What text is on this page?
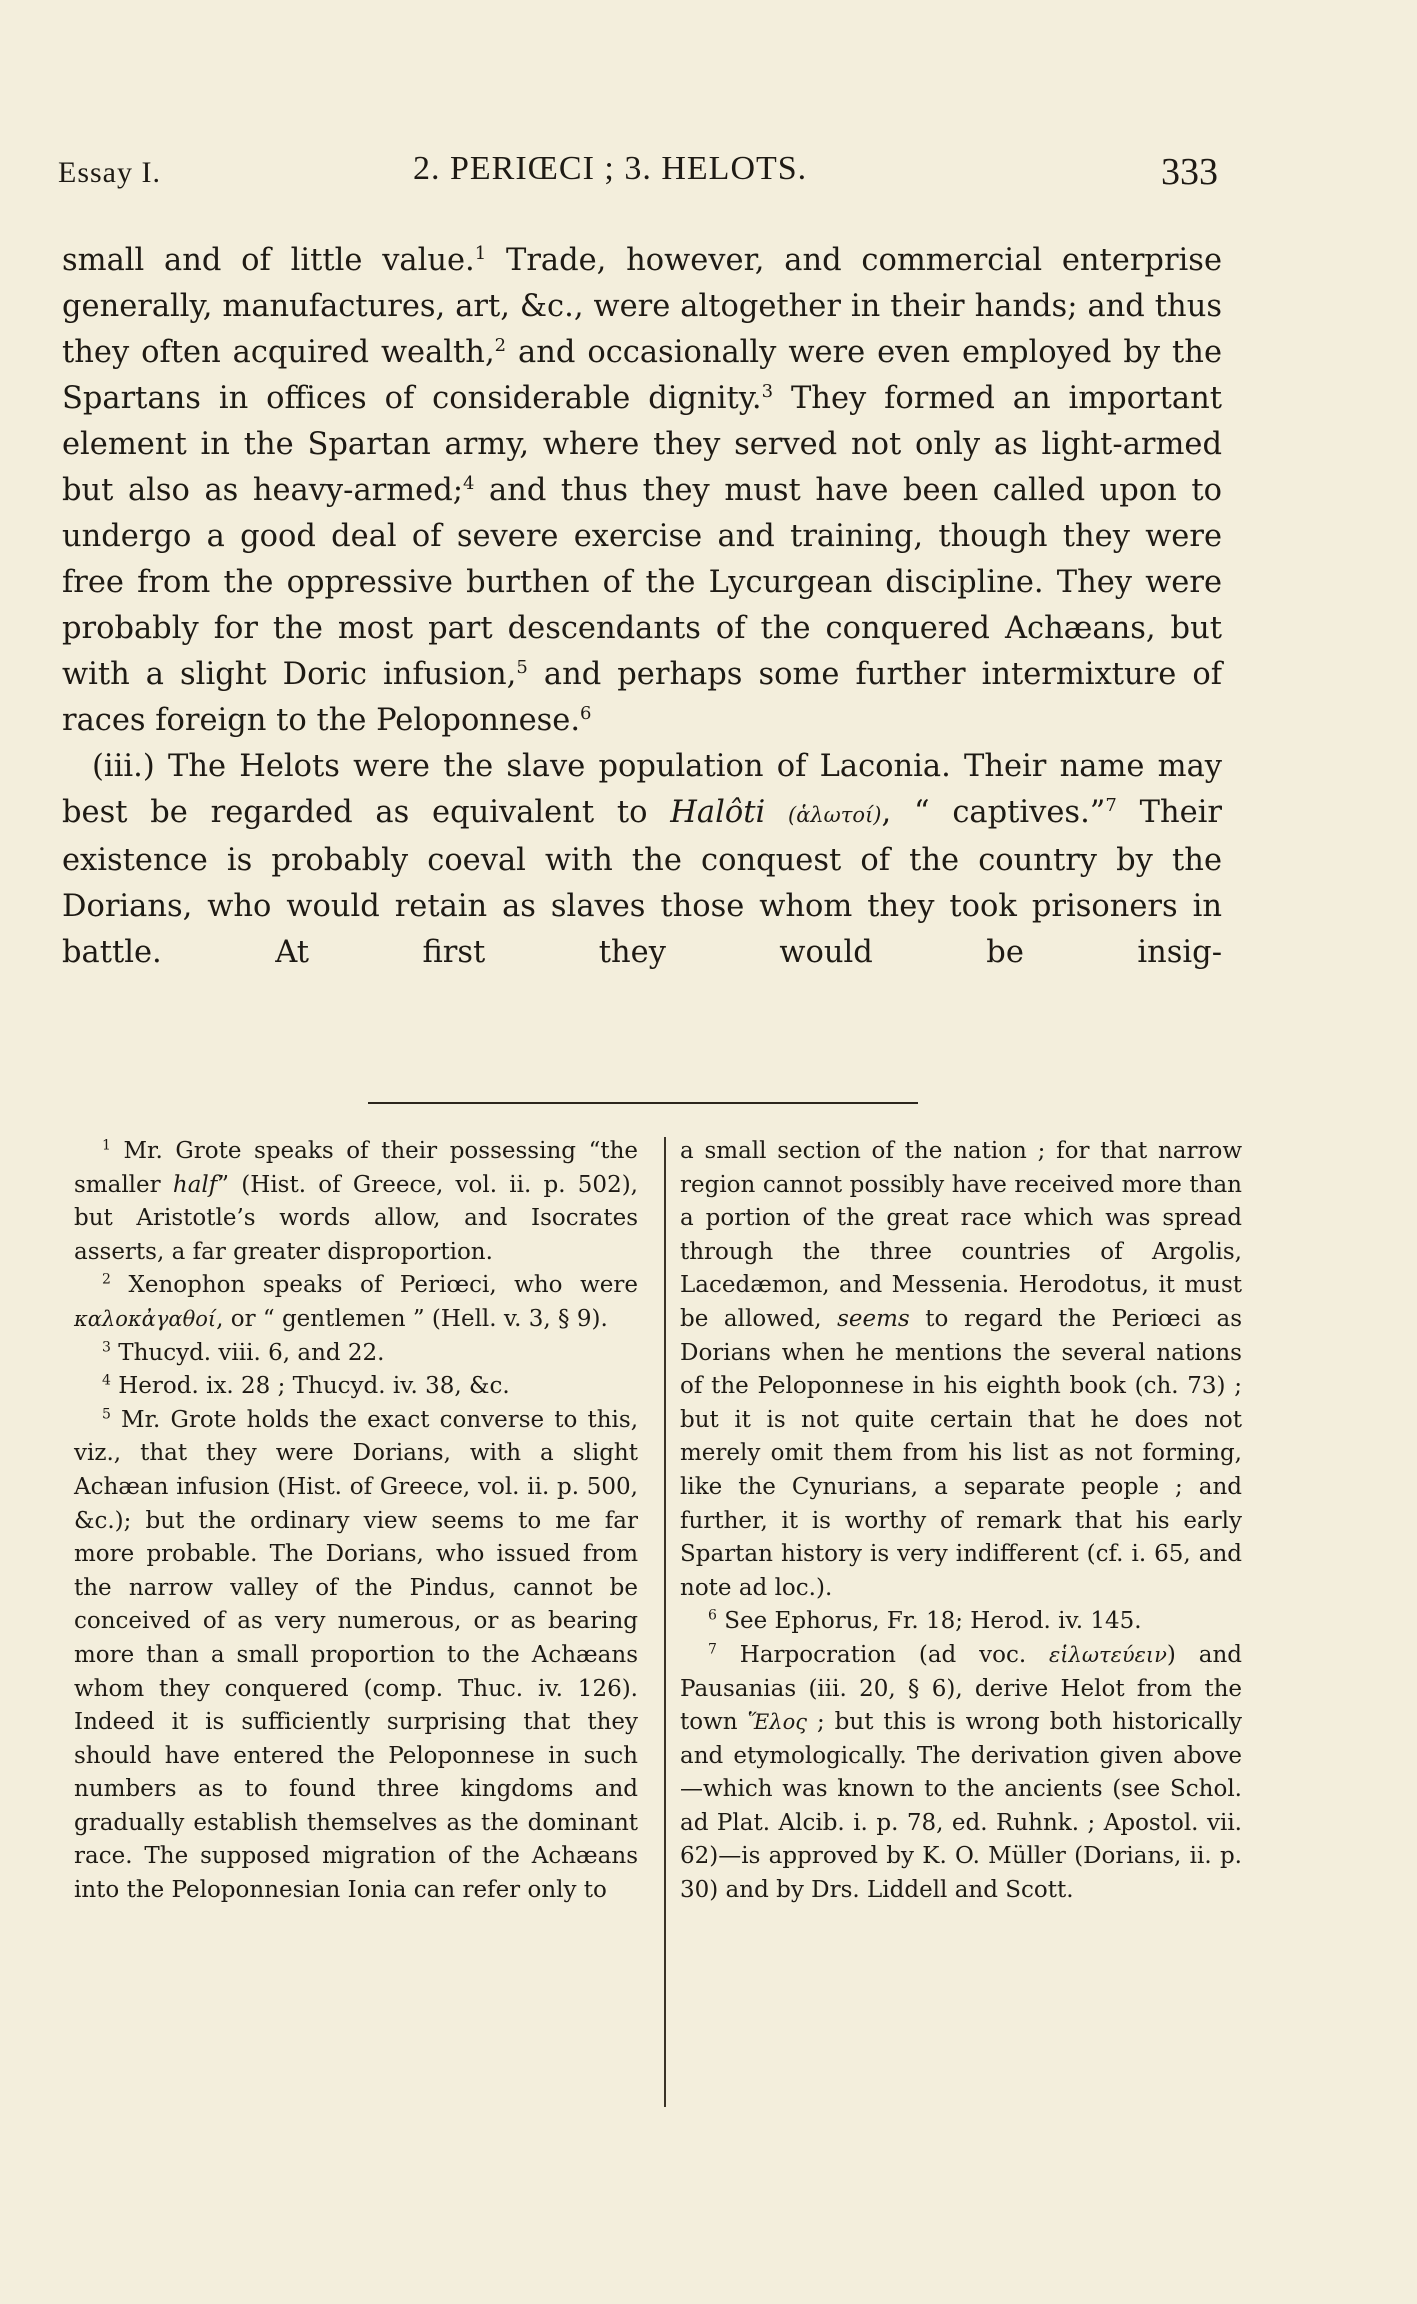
Essay I.	2. PERIŒCI ; 3. HELOTS.	333

small and of little value.$^1$ Trade, however, and commercial enterprise generally, manufactures, art, &c., were altogether in their hands; and thus they often acquired wealth,$^2$ and occasionally were even employed by the Spartans in offices of considerable dignity.$^3$ They formed an important element in the Spartan army, where they served not only as light-armed but also as heavy-armed;$^4$ and thus they must have been called upon to undergo a good deal of severe exercise and training, though they were free from the oppressive burthen of the Lycurgean discipline. They were probably for the most part descendants of the conquered Achæans, but with a slight Doric infusion,$^5$ and perhaps some further intermixture of races foreign to the Peloponnese.$^6$

(iii.) The Helots were the slave population of Laconia. Their name may best be regarded as equivalent to Halôti (ἁλωτοί), “ captives.”$^7$ Their existence is probably coeval with the conquest of the country by the Dorians, who would retain as slaves those whom they took prisoners in battle. At first they would be insig-

$^1$ Mr. Grote speaks of their possessing “the smaller half” (Hist. of Greece, vol. ii. p. 502), but Aristotle’s words allow, and Isocrates asserts, a far greater disproportion.

$^2$ Xenophon speaks of Periœci, who were καλοκἀγαθοί, or “ gentlemen ” (Hell. v. 3, § 9).

$^3$ Thucyd. viii. 6, and 22.

$^4$ Herod. ix. 28 ; Thucyd. iv. 38, &c.

$^5$ Mr. Grote holds the exact converse to this, viz., that they were Dorians, with a slight Achæan infusion (Hist. of Greece, vol. ii. p. 500, &c.); but the ordinary view seems to me far more probable. The Dorians, who issued from the narrow valley of the Pindus, cannot be conceived of as very numerous, or as bearing more than a small proportion to the Achæans whom they conquered (comp. Thuc. iv. 126). Indeed it is sufficiently surprising that they should have entered the Peloponnese in such numbers as to found three kingdoms and gradually establish themselves as the dominant race. The supposed migration of the Achæans into the Peloponnesian Ionia can refer only to

a small section of the nation ; for that narrow region cannot possibly have received more than a portion of the great race which was spread through the three countries of Argolis, Lacedæmon, and Messenia. Herodotus, it must be allowed, seems to regard the Periœci as Dorians when he mentions the several nations of the Peloponnese in his eighth book (ch. 73) ; but it is not quite certain that he does not merely omit them from his list as not forming, like the Cynurians, a separate people ; and further, it is worthy of remark that his early Spartan history is very indifferent (cf. i. 65, and note ad loc.).

$^6$ See Ephorus, Fr. 18; Herod. iv. 145.

$^7$ Harpocration (ad voc. εἱλωτεύειν) and Pausanias (iii. 20, § 6), derive Helot from the town Ἕλος ; but this is wrong both historically and etymologically. The derivation given above —which was known to the ancients (see Schol. ad Plat. Alcib. i. p. 78, ed. Ruhnk. ; Apostol. vii. 62)—is approved by K. O. Müller (Dorians, ii. p. 30) and by Drs. Liddell and Scott.
